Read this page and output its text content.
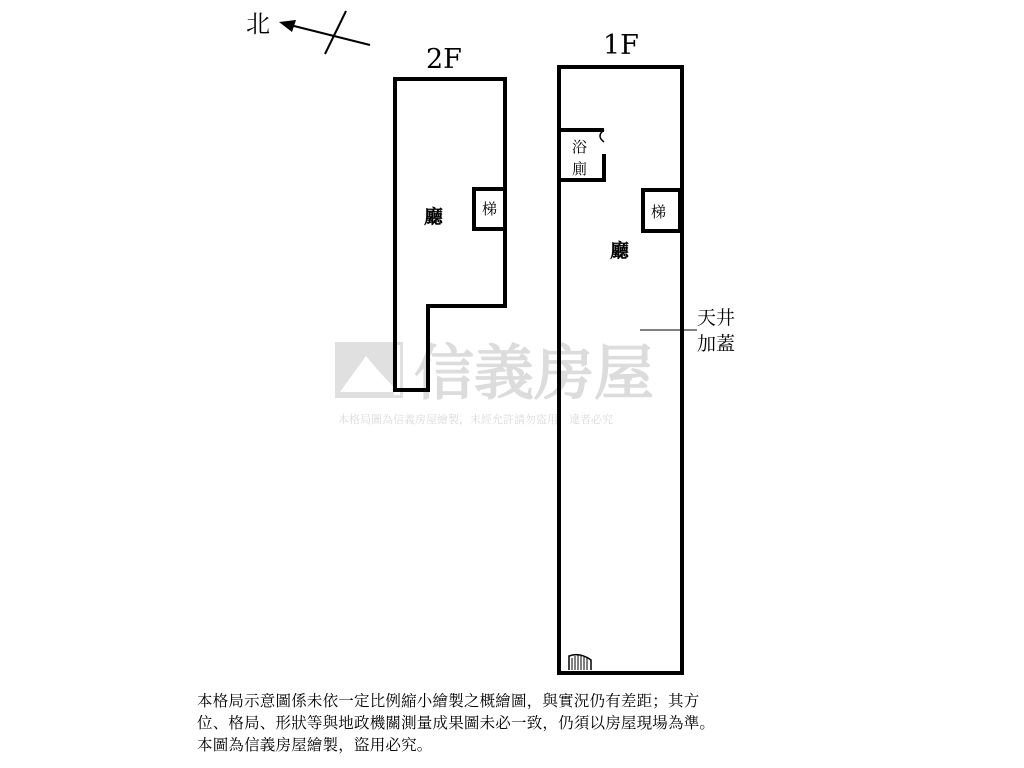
北
信義房屋
本格局圖為信義房屋繪製，未經允許請勿盜用，違者必究
2F
梯
廳
1F
浴
廁
梯
廳
天井
加蓋
本格局示意圖係未依一定比例縮小繪製之概繪圖，與實況仍有差距；其方
位、格局、形狀等與地政機關測量成果圖未必一致，仍須以房屋現場為準。
本圖為信義房屋繪製，盜用必究。
